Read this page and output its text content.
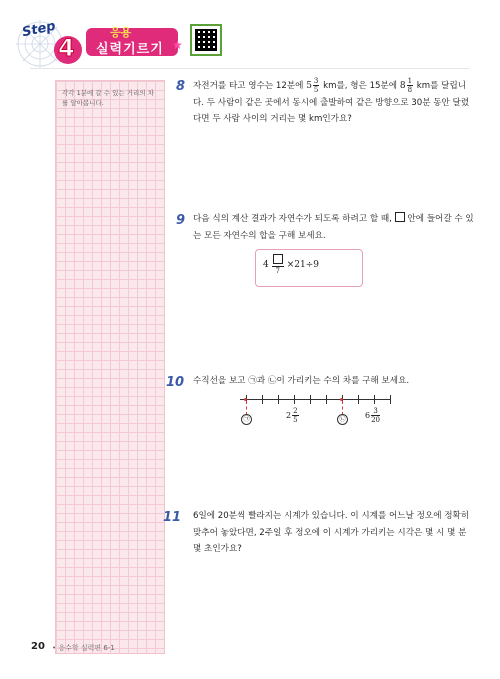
Step
4
응용
실력기르기 ★
각각 1분에 갈 수 있는 거리의 차를 알아봅니다.
8 자전거를 타고 영수는 12분에 $5 \frac{3}{5}$ km를, 형은 15분에 $8 \frac{1}{8}$ km를 달립니
다. 두 사람이 같은 곳에서 동시에 출발하여 같은 방향으로 30분 동안 달렸
다면 두 사람 사이의 거리는 몇 km인가요?
9 다음 식의 계산 결과가 자연수가 되도록 하려고 할 때, 안에 들어갈 수 있
는 모든 자연수의 합을 구해 보세요.
4
7
×21÷9
10 수직선을 보고 ㉠과 ㉡이 가리키는 수의 차를 구해 보세요.
㉠	㉡
$2 \frac{2}{5}$	$6 \frac{3}{20}$
11 6일에 20분씩 빨라지는 시계가 있습니다. 이 시계를 어느날 정오에 정확히
맞추어 놓았다면, 2주일 후 정오에 이 시계가 가리키는 시각은 몇 시 몇 분
몇 초인가요?
20 • 응수학 실력편 6-1
